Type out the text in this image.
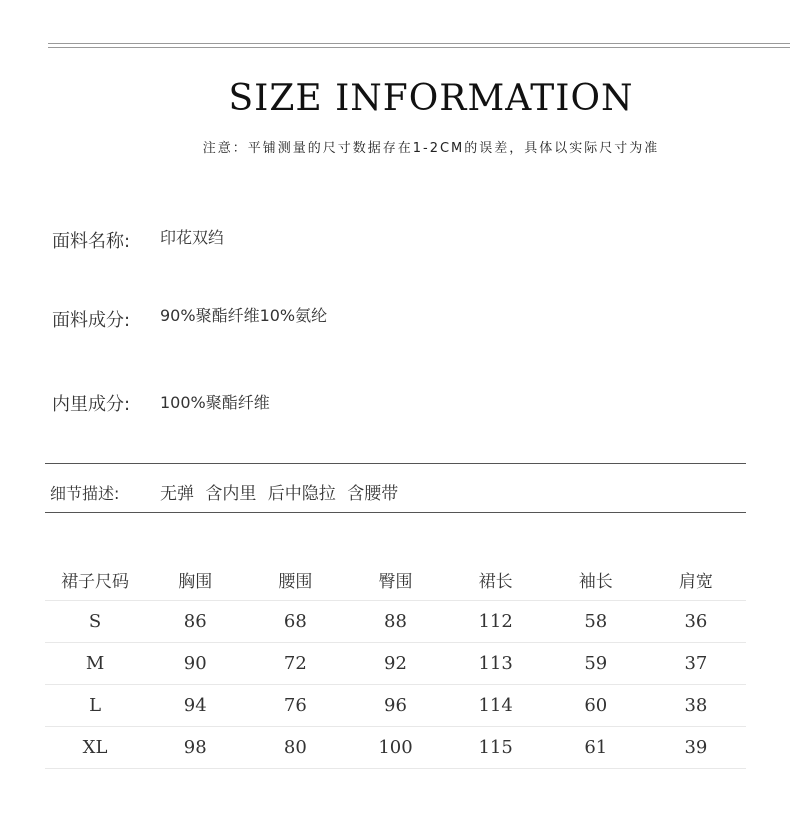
SIZE INFORMATION
注意：平铺测量的尺寸数据存在1-2CM的误差，具体以实际尺寸为准
面料名称: 印花双绉
面料成分: 90%聚酯纤维10%氨纶
内里成分: 100%聚酯纤维
细节描述: 无弹 含内里 后中隐拉 含腰带
裙子尺码	胸围	腰围	臀围	裙长	袖长	肩宽
S	86	68	88	112	58	36
M	90	72	92	113	59	37
L	94	76	96	114	60	38
XL	98	80	100	115	61	39
